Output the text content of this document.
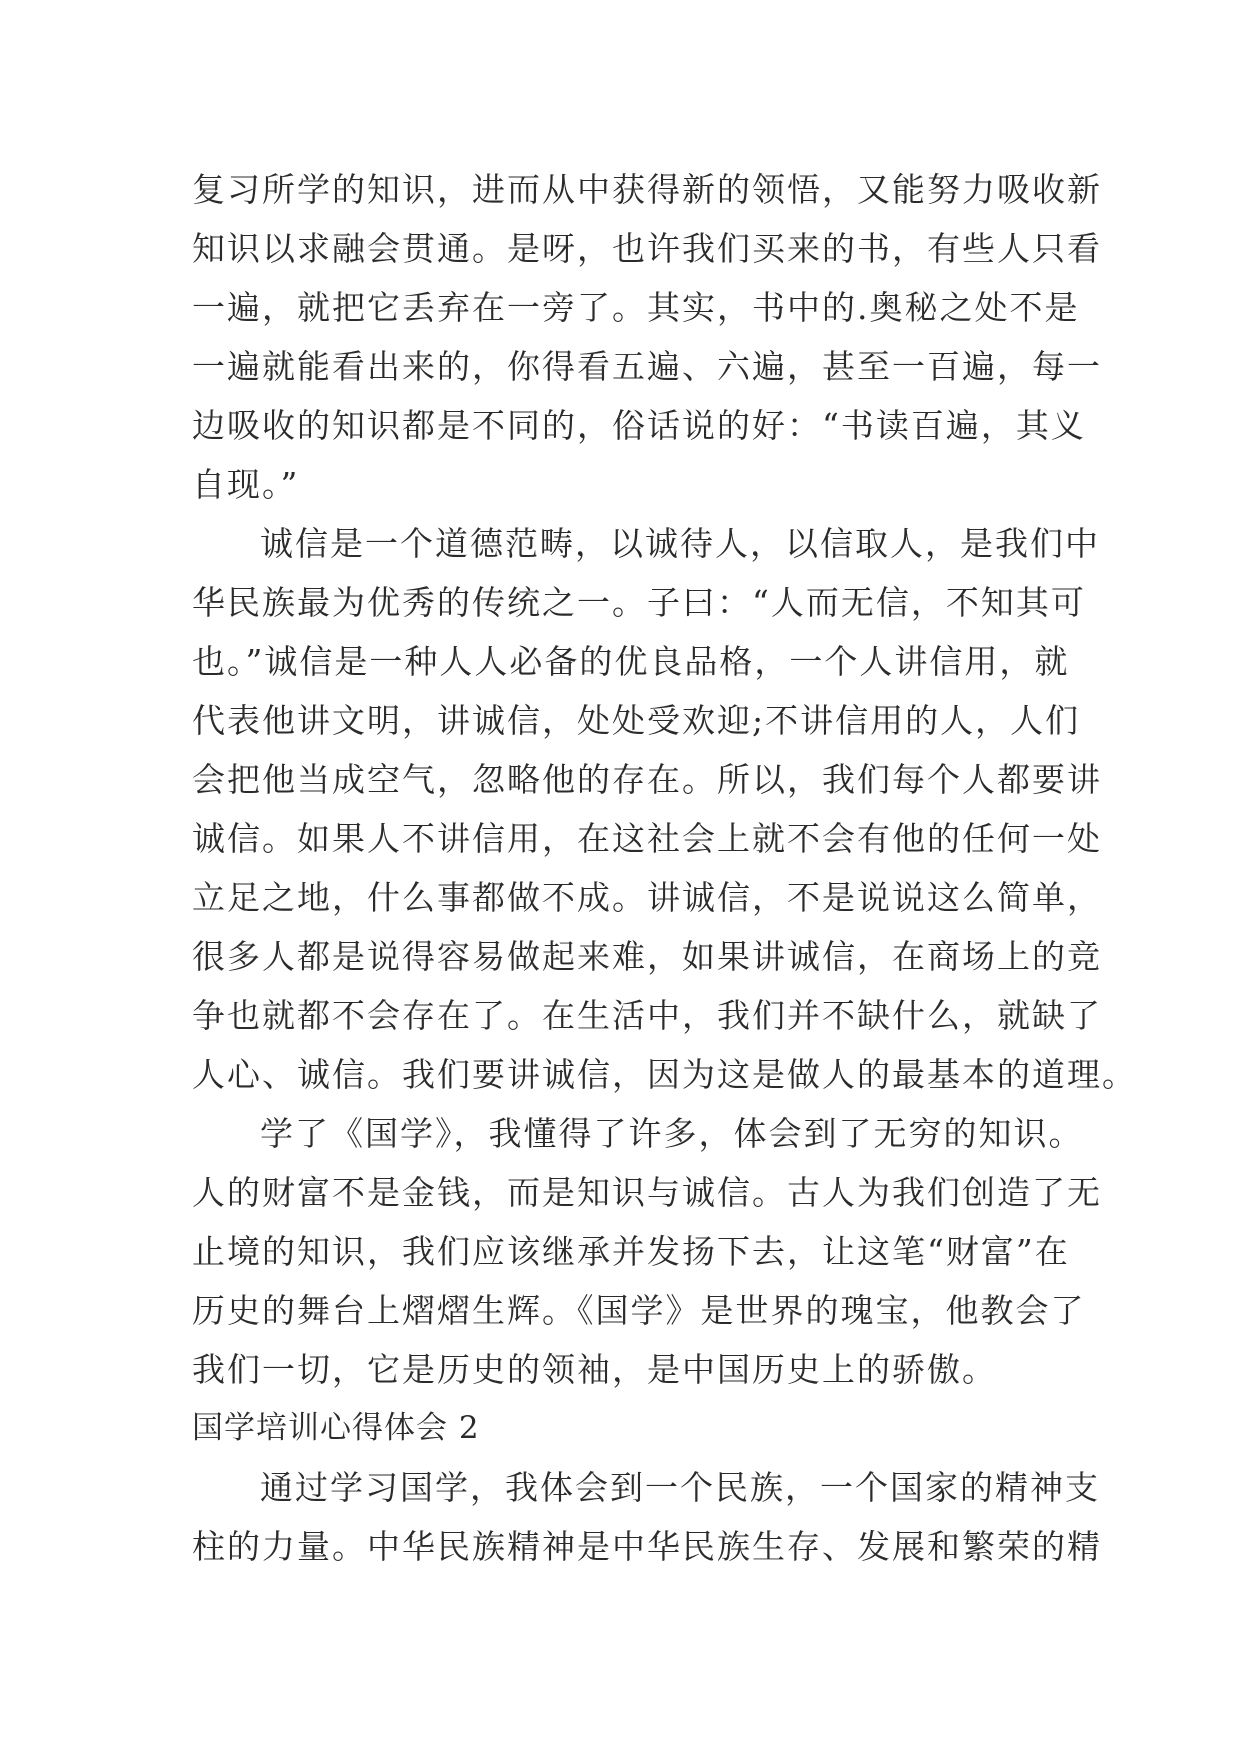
复习所学的知识，进而从中获得新的领悟，又能努力吸收新
知识以求融会贯通。是呀，也许我们买来的书，有些人只看
一遍，就把它丢弃在一旁了。其实，书中的.奥秘之处不是
一遍就能看出来的，你得看五遍、六遍，甚至一百遍，每一
边吸收的知识都是不同的，俗话说的好：“书读百遍，其义
自现。”
诚信是一个道德范畴，以诚待人，以信取人，是我们中
华民族最为优秀的传统之一。子曰：“人而无信，不知其可
也。”诚信是一种人人必备的优良品格，一个人讲信用，就
代表他讲文明，讲诚信，处处受欢迎;不讲信用的人，人们
会把他当成空气，忽略他的存在。所以，我们每个人都要讲
诚信。如果人不讲信用，在这社会上就不会有他的任何一处
立足之地，什么事都做不成。讲诚信，不是说说这么简单，
很多人都是说得容易做起来难，如果讲诚信，在商场上的竞
争也就都不会存在了。在生活中，我们并不缺什么，就缺了
人心、诚信。我们要讲诚信，因为这是做人的最基本的道理。
学了《国学》，我懂得了许多，体会到了无穷的知识。
人的财富不是金钱，而是知识与诚信。古人为我们创造了无
止境的知识，我们应该继承并发扬下去，让这笔“财富”在
历史的舞台上熠熠生辉。《国学》是世界的瑰宝，他教会了
我们一切，它是历史的领袖，是中国历史上的骄傲。
国学培训心得体会 2
通过学习国学，我体会到一个民族，一个国家的精神支
柱的力量。中华民族精神是中华民族生存、发展和繁荣的精
